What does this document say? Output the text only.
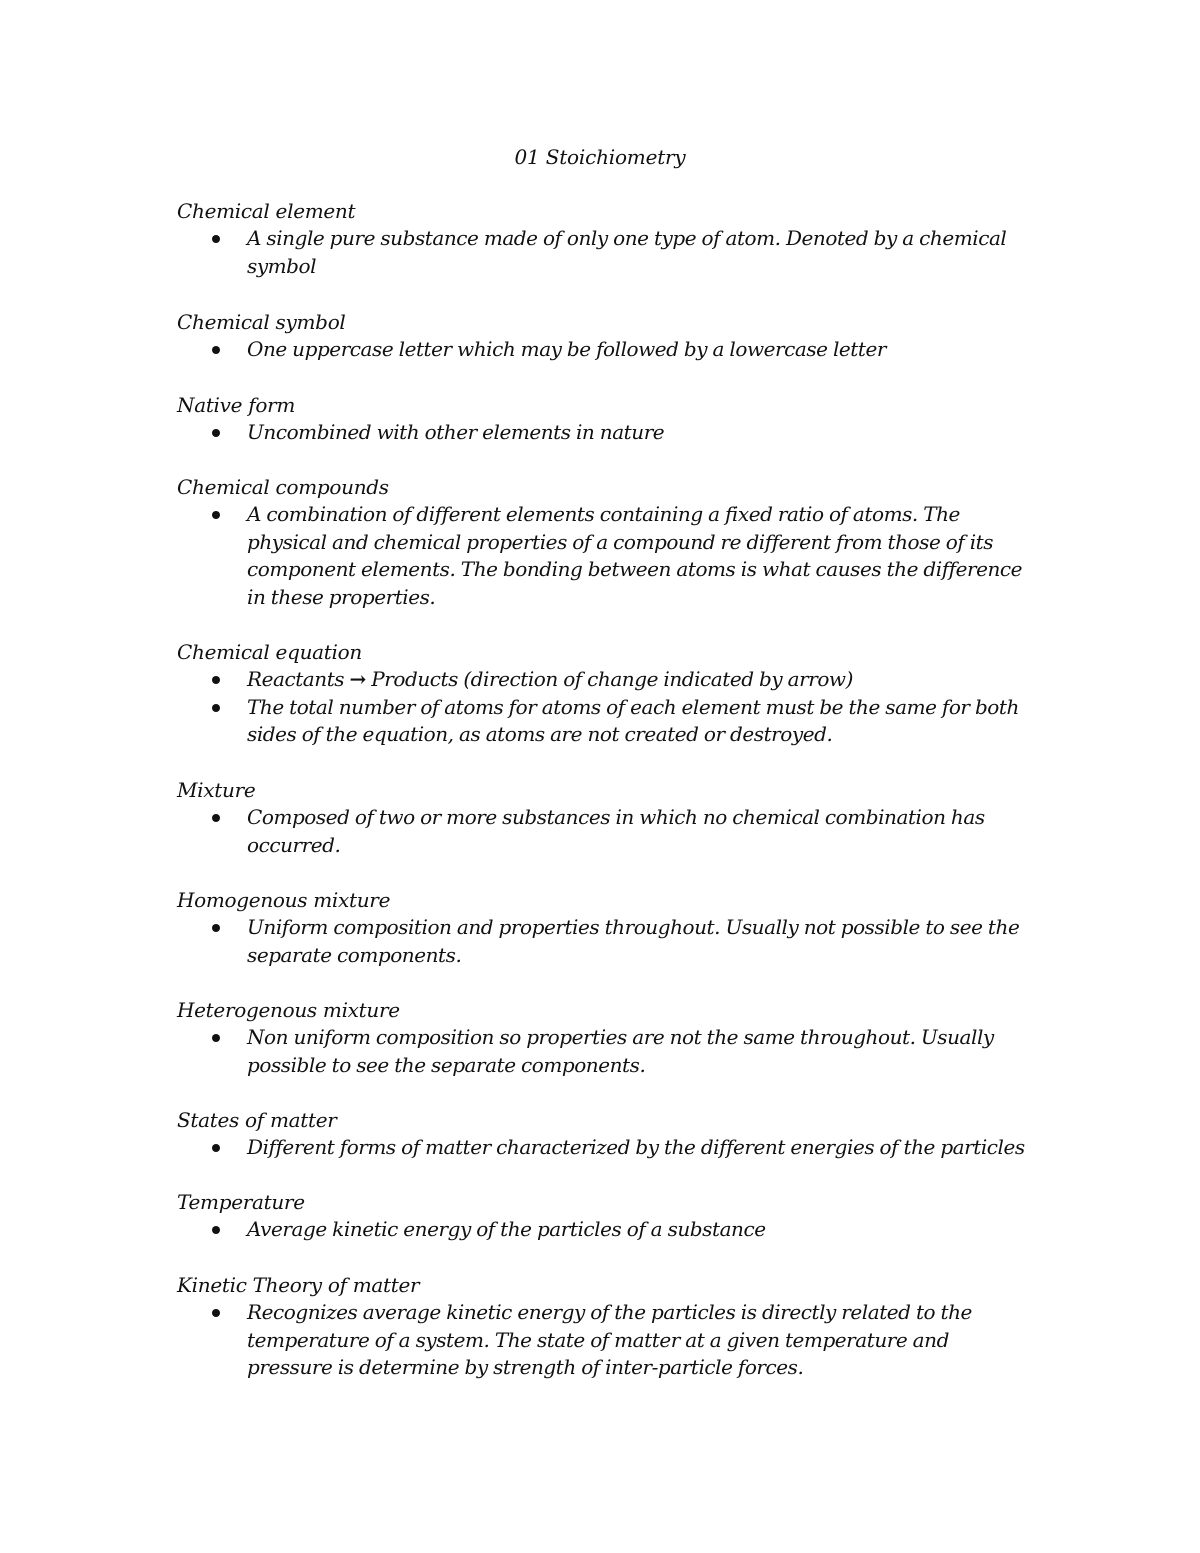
01 Stoichiometry
Chemical element
A single pure substance made of only one type of atom. Denoted by a chemical symbol
Chemical symbol
One uppercase letter which may be followed by a lowercase letter
Native form
Uncombined with other elements in nature
Chemical compounds
A combination of different elements containing a fixed ratio of atoms. The physical and chemical properties of a compound re different from those of its component elements. The bonding between atoms is what causes the difference in these properties.
Chemical equation
Reactants → Products (direction of change indicated by arrow)
The total number of atoms for atoms of each element must be the same for both sides of the equation, as atoms are not created or destroyed.
Mixture
Composed of two or more substances in which no chemical combination has occurred.
Homogenous mixture
Uniform composition and properties throughout. Usually not possible to see the separate components.
Heterogenous mixture
Non uniform composition so properties are not the same throughout. Usually possible to see the separate components.
States of matter
Different forms of matter characterized by the different energies of the particles
Temperature
Average kinetic energy of the particles of a substance
Kinetic Theory of matter
Recognizes average kinetic energy of the particles is directly related to the temperature of a system. The state of matter at a given temperature and pressure is determine by strength of inter-particle forces.
